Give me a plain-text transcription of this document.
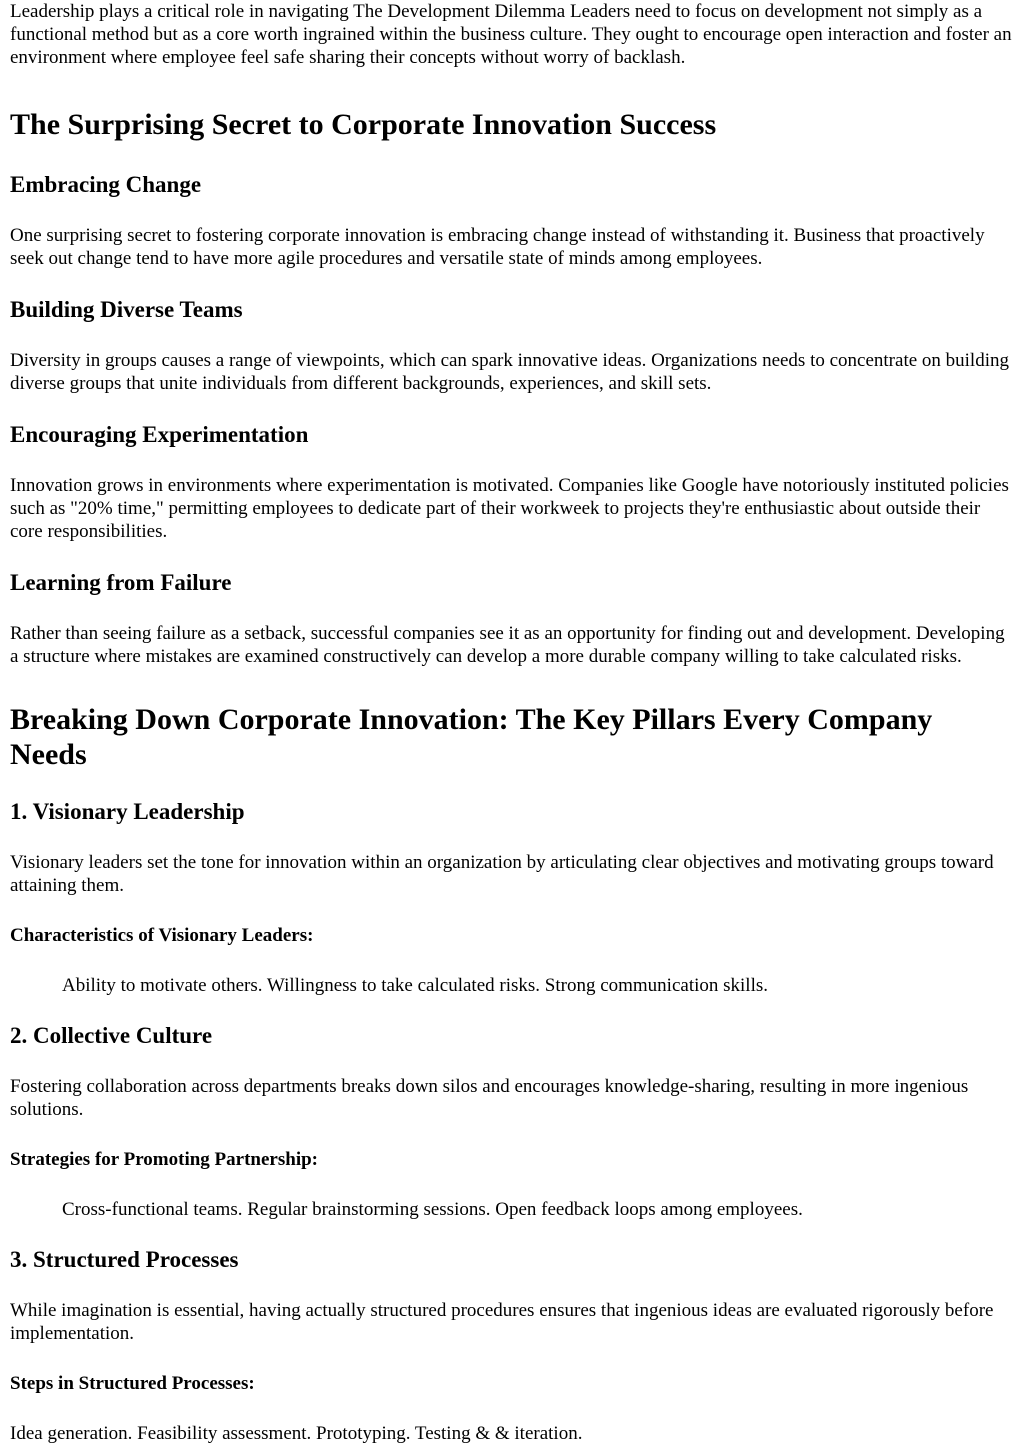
Leadership plays a critical role in navigating The Development Dilemma Leaders need to focus on development not simply as a functional method but as a core worth ingrained within the business culture. They ought to encourage open interaction and foster an environment where employee feel safe sharing their concepts without worry of backlash.

The Surprising Secret to Corporate Innovation Success
Embracing Change

One surprising secret to fostering corporate innovation is embracing change instead of withstanding it. Business that proactively seek out change tend to have more agile procedures and versatile state of minds among employees.

Building Diverse Teams

Diversity in groups causes a range of viewpoints, which can spark innovative ideas. Organizations needs to concentrate on building diverse groups that unite individuals from different backgrounds, experiences, and skill sets.

Encouraging Experimentation

Innovation grows in environments where experimentation is motivated. Companies like Google have notoriously instituted policies such as "20% time," permitting employees to dedicate part of their workweek to projects they're enthusiastic about outside their core responsibilities.

Learning from Failure

Rather than seeing failure as a setback, successful companies see it as an opportunity for finding out and development. Developing a structure where mistakes are examined constructively can develop a more durable company willing to take calculated risks.

Breaking Down Corporate Innovation: The Key Pillars Every Company Needs
1. Visionary Leadership

Visionary leaders set the tone for innovation within an organization by articulating clear objectives and motivating groups toward attaining them.

Characteristics of Visionary Leaders:

Ability to motivate others. Willingness to take calculated risks. Strong communication skills.

2. Collective Culture

Fostering collaboration across departments breaks down silos and encourages knowledge-sharing, resulting in more ingenious solutions.

Strategies for Promoting Partnership:

Cross-functional teams. Regular brainstorming sessions. Open feedback loops among employees.

3. Structured Processes

While imagination is essential, having actually structured procedures ensures that ingenious ideas are evaluated rigorously before implementation.

Steps in Structured Processes:

Idea generation. Feasibility assessment. Prototyping. Testing & & iteration.
